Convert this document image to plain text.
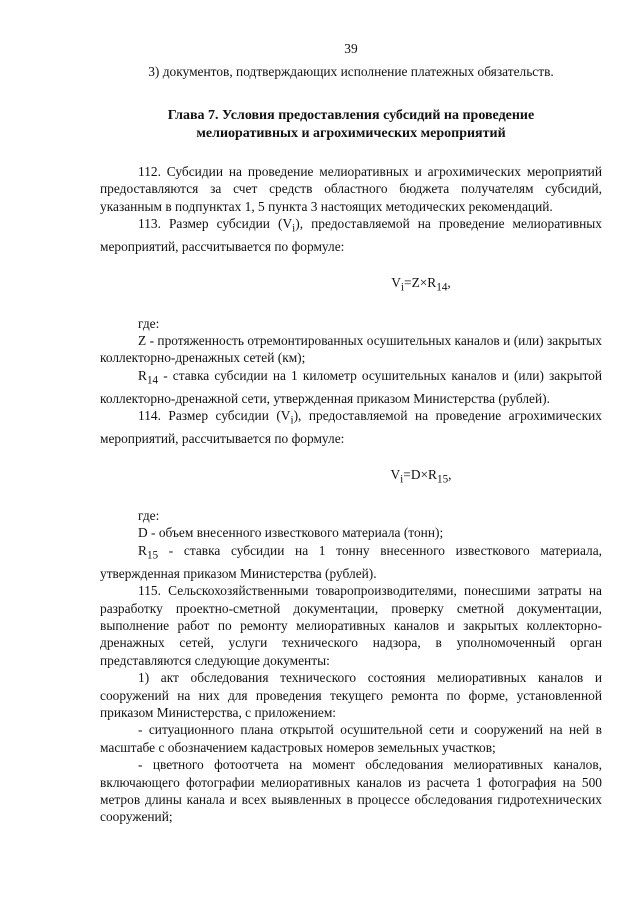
39
3) документов, подтверждающих исполнение платежных обязательств.
Глава 7. Условия предоставления субсидий на проведение
мелиоративных и агрохимических мероприятий

112. Субсидии на проведение мелиоративных и агрохимических мероприятий предоставляются за счет средств областного бюджета получателям субсидий, указанным в подпунктах 1, 5 пункта 3 настоящих методических рекомендаций.

113. Размер субсидии $(V_i)$, предоставляемой на проведение мелиоративных мероприятий, рассчитывается по формуле:

$V_i=Z\times R_{14}$,
где:

Z - протяженность отремонтированных осушительных каналов и (или) закрытых коллекторно-дренажных сетей (км);

$R_{14}$ - ставка субсидии на 1 километр осушительных каналов и (или) закрытой коллекторно-дренажной сети, утвержденная приказом Министерства (рублей).

114. Размер субсидии $(V_i)$, предоставляемой на проведение агрохимических мероприятий, рассчитывается по формуле:

$V_i=D\times R_{15}$,
где:

D - объем внесенного известкового материала (тонн);

$R_{15}$ - ставка субсидии на 1 тонну внесенного известкового материала, утвержденная приказом Министерства (рублей).

115. Сельскохозяйственными товаропроизводителями, понесшими затраты на разработку проектно-сметной документации, проверку сметной документации, выполнение работ по ремонту мелиоративных каналов и закрытых коллекторно-дренажных сетей, услуги технического надзора, в уполномоченный орган представляются следующие документы:

1) акт обследования технического состояния мелиоративных каналов и сооружений на них для проведения текущего ремонта по форме, установленной приказом Министерства, с приложением:

- ситуационного плана открытой осушительной сети и сооружений на ней в масштабе с обозначением кадастровых номеров земельных участков;

- цветного фотоотчета на момент обследования мелиоративных каналов, включающего фотографии мелиоративных каналов из расчета 1 фотография на 500 метров длины канала и всех выявленных в процессе обследования гидротехнических сооружений;
